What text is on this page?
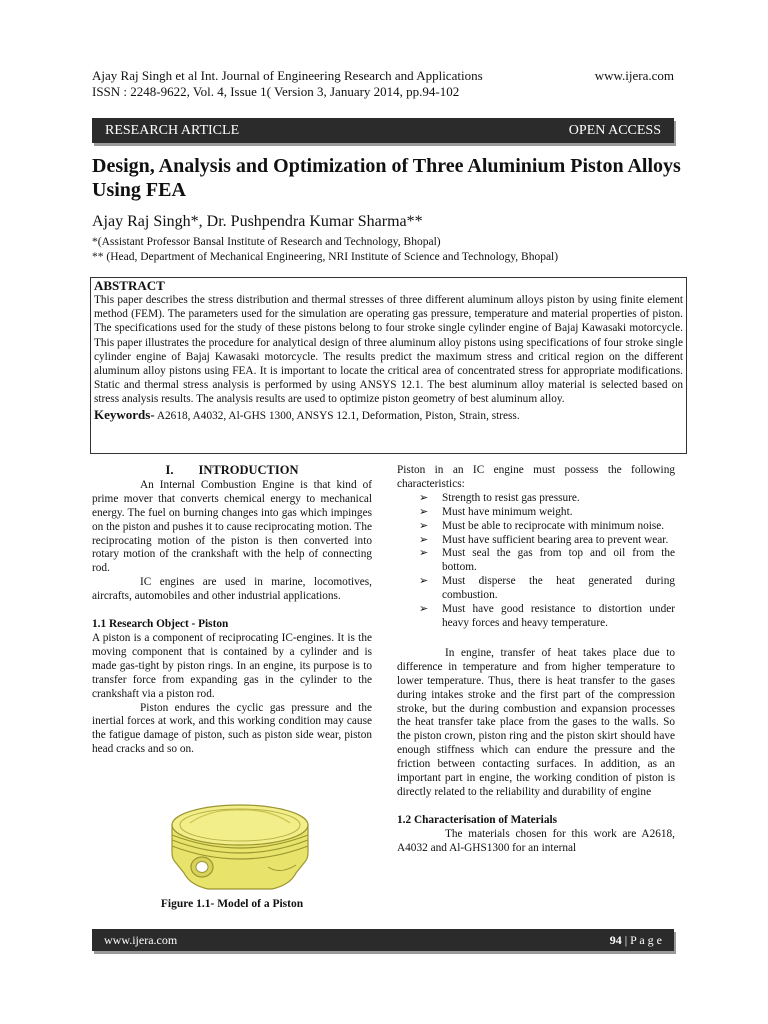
Ajay Raj Singh et al Int. Journal of Engineering Research and Applications	www.ijera.com
ISSN : 2248-9622, Vol. 4, Issue 1( Version 3, January 2014, pp.94-102
RESEARCH ARTICLE	OPEN ACCESS
Design, Analysis and Optimization of Three Aluminium Piston Alloys Using FEA
Ajay Raj Singh*, Dr. Pushpendra Kumar Sharma**
*(Assistant Professor Bansal Institute of Research and Technology, Bhopal)
** (Head, Department of Mechanical Engineering, NRI Institute of Science and Technology, Bhopal)
ABSTRACT
This paper describes the stress distribution and thermal stresses of three different aluminum alloys piston by using finite element method (FEM). The parameters used for the simulation are operating gas pressure, temperature and material properties of piston. The specifications used for the study of these pistons belong to four stroke single cylinder engine of Bajaj Kawasaki motorcycle. This paper illustrates the procedure for analytical design of three aluminum alloy pistons using specifications of four stroke single cylinder engine of Bajaj Kawasaki motorcycle. The results predict the maximum stress and critical region on the different aluminum alloy pistons using FEA. It is important to locate the critical area of concentrated stress for appropriate modifications. Static and thermal stress analysis is performed by using ANSYS 12.1. The best aluminum alloy material is selected based on stress analysis results. The analysis results are used to optimize piston geometry of best aluminum alloy.
Keywords- A2618, A4032, Al-GHS 1300, ANSYS 12.1, Deformation, Piston, Strain, stress.
I.        INTRODUCTION

An Internal Combustion Engine is that kind of prime mover that converts chemical energy to mechanical energy. The fuel on burning changes into gas which impinges on the piston and pushes it to cause reciprocating motion. The reciprocating motion of the piston is then converted into rotary motion of the crankshaft with the help of connecting rod.

IC engines are used in marine, locomotives, aircrafts, automobiles and other industrial applications.

1.1 Research Object - Piston

A piston is a component of reciprocating IC-engines. It is the moving component that is contained by a cylinder and is made gas-tight by piston rings. In an engine, its purpose is to transfer force from expanding gas in the cylinder to the crankshaft via a piston rod.

Piston endures the cyclic gas pressure and the inertial forces at work, and this working condition may cause the fatigue damage of piston, such as piston side wear, piston head cracks and so on.

Figure 1.1- Model of a Piston

Piston in an IC engine must possess the following characteristics:

➢ Strength to resist gas pressure.
➢ Must have minimum weight.
➢ Must be able to reciprocate with minimum noise.
➢ Must have sufficient bearing area to prevent wear.
➢ Must seal the gas from top and oil from the bottom.
➢ Must disperse the heat generated during combustion.
➢ Must have good resistance to distortion under heavy forces and heavy temperature.

In engine, transfer of heat takes place due to difference in temperature and from higher temperature to lower temperature. Thus, there is heat transfer to the gases during intakes stroke and the first part of the compression stroke, but the during combustion and expansion processes the heat transfer take place from the gases to the walls. So the piston crown, piston ring and the piston skirt should have enough stiffness which can endure the pressure and the friction between contacting surfaces. In addition, as an important part in engine, the working condition of piston is directly related to the reliability and durability of engine

1.2 Characterisation of Materials

The materials chosen for this work are A2618, A4032 and Al-GHS1300 for an internal

www.ijera.com	94 | P a g e
